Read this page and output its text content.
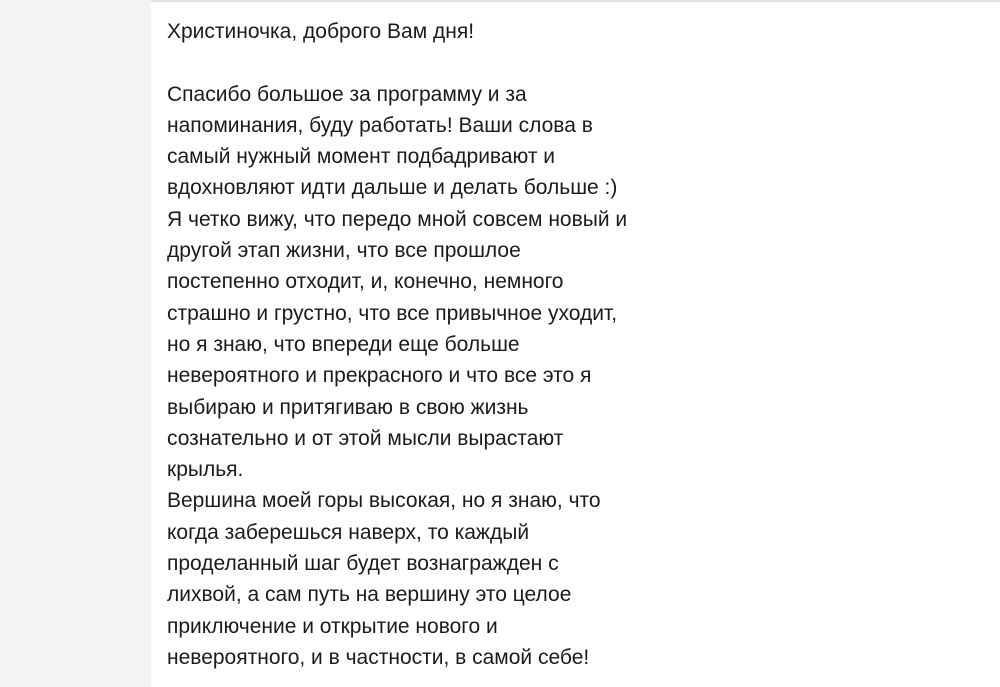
Христиночка, доброго Вам дня!
Спасибо большое за программу и за
напоминания, буду работать! Ваши слова в
самый нужный момент подбадривают и
вдохновляют идти дальше и делать больше :)
Я четко вижу, что передо мной совсем новый и
другой этап жизни, что все прошлое
постепенно отходит, и, конечно, немного
страшно и грустно, что все привычное уходит,
но я знаю, что впереди еще больше
невероятного и прекрасного и что все это я
выбираю и притягиваю в свою жизнь
сознательно и от этой мысли вырастают
крылья.
Вершина моей горы высокая, но я знаю, что
когда заберешься наверх, то каждый
проделанный шаг будет вознагражден с
лихвой, а сам путь на вершину это целое
приключение и открытие нового и
невероятного, и в частности, в самой себе!
